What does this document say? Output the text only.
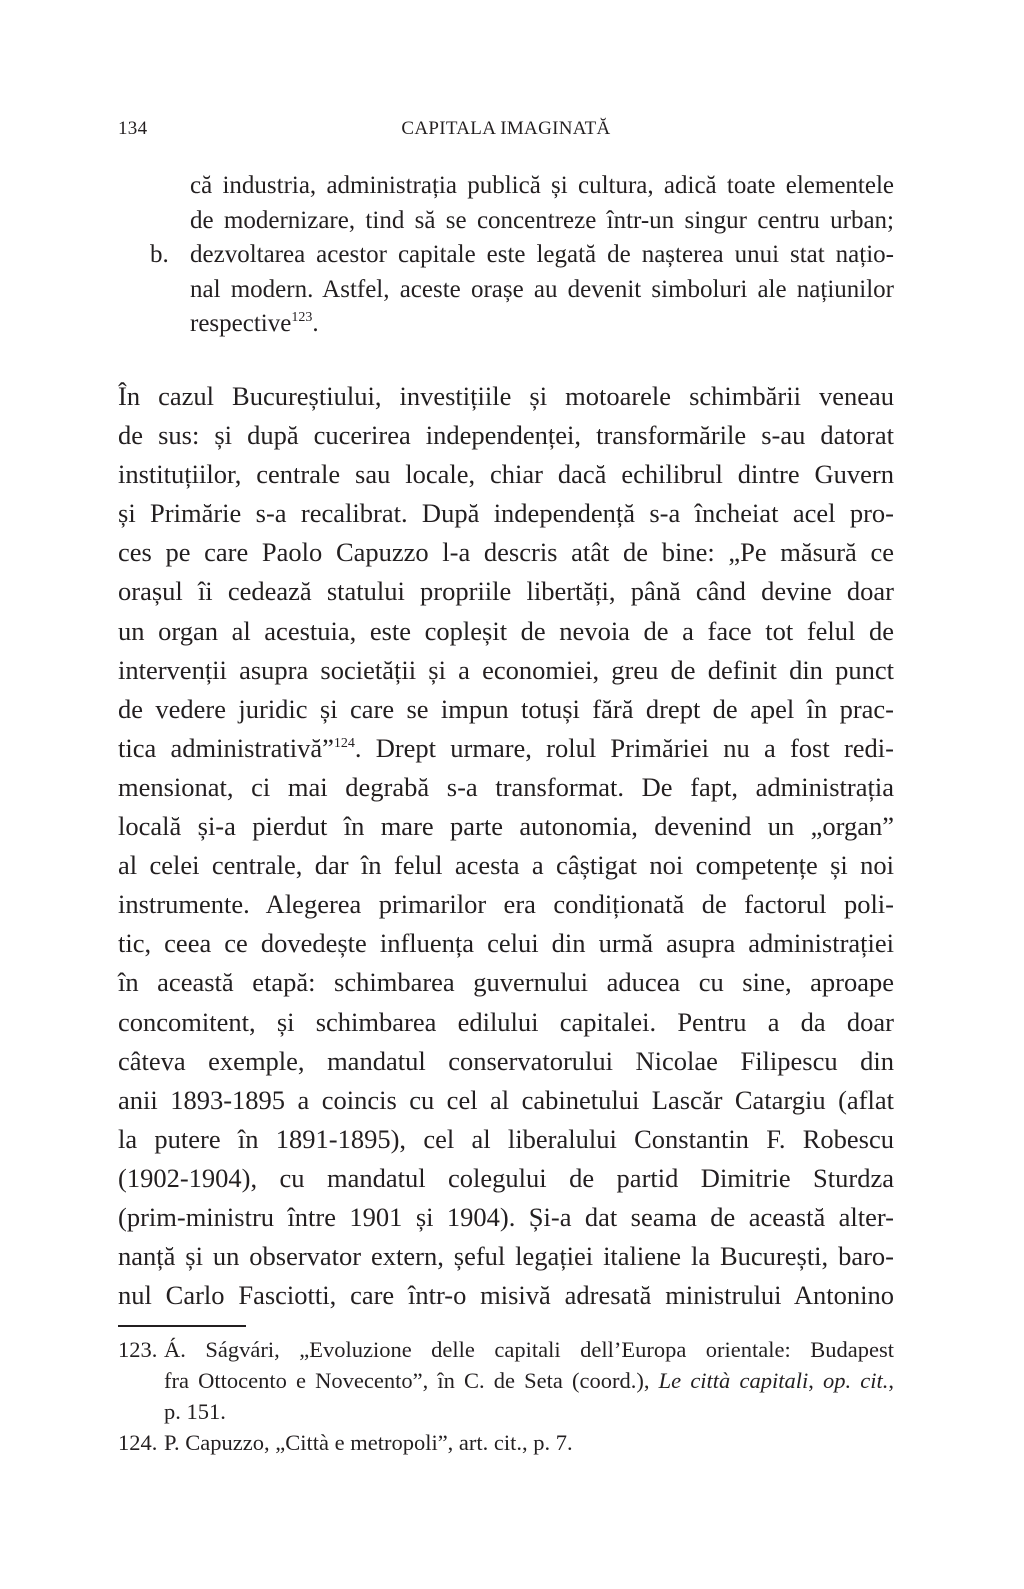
134	CAPITALA IMAGINATĂ
că industria, administrația publică și cultura, adică toate elementele
de modernizare, tind să se concentreze într-un singur centru urban;
b. dezvoltarea acestor capitale este legată de nașterea unui stat națio-
nal modern. Astfel, aceste orașe au devenit simboluri ale națiunilor
respective$^{123}$.
În cazul Bucureștiului, investițiile și motoarele schimbării veneau
de sus: și după cucerirea independenței, transformările s-au datorat
instituțiilor, centrale sau locale, chiar dacă echilibrul dintre Guvern
și Primărie s-a recalibrat. După independență s-a încheiat acel pro-
ces pe care Paolo Capuzzo l-a descris atât de bine: „Pe măsură ce
orașul îi cedează statului propriile libertăți, până când devine doar
un organ al acestuia, este copleșit de nevoia de a face tot felul de
intervenții asupra societății și a economiei, greu de definit din punct
de vedere juridic și care se impun totuși fără drept de apel în prac-
tica administrativă”$^{124}$. Drept urmare, rolul Primăriei nu a fost redi-
mensionat, ci mai degrabă s-a transformat. De fapt, administrația
locală și-a pierdut în mare parte autonomia, devenind un „organ”
al celei centrale, dar în felul acesta a câștigat noi competențe și noi
instrumente. Alegerea primarilor era condiționată de factorul poli-
tic, ceea ce dovedește influența celui din urmă asupra administrației
în această etapă: schimbarea guvernului aducea cu sine, aproape
concomitent, și schimbarea edilului capitalei. Pentru a da doar
câteva exemple, mandatul conservatorului Nicolae Filipescu din
anii 1893-1895 a coincis cu cel al cabinetului Lascăr Catargiu (aflat
la putere în 1891-1895), cel al liberalului Constantin F. Robescu
(1902-1904), cu mandatul colegului de partid Dimitrie Sturdza
(prim-ministru între 1901 și 1904). Și-a dat seama de această alter-
nanță și un observator extern, șeful legației italiene la București, baro-
nul Carlo Fasciotti, care într-o misivă adresată ministrului Antonino
123. Á. Ságvári, „Evoluzione delle capitali dell’Europa orientale: Budapest
fra Ottocento e Novecento”, în C. de Seta (coord.), Le città capitali, op. cit.,
p. 151.
124. P. Capuzzo, „Città e metropoli”, art. cit., p. 7.
